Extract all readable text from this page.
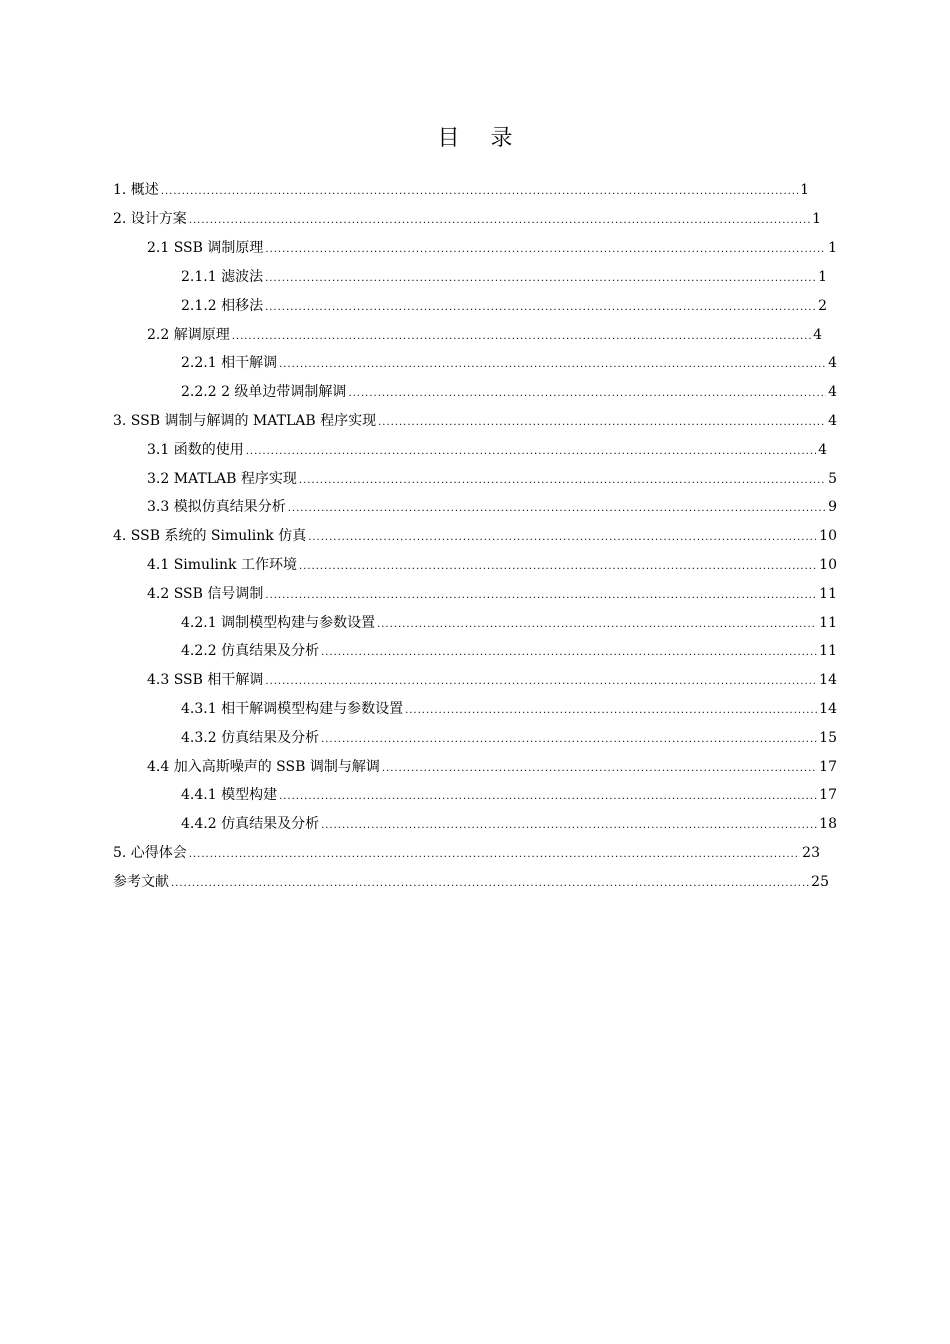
目 录
1. 概述 .....	1
2. 设计方案 .....	1
2.1 SSB 调制原理 .....	1
2.1.1 滤波法 .....	1
2.1.2 相移法 .....	2
2.2 解调原理 .....	4
2.2.1 相干解调 .....	4
2.2.2 2 级单边带调制解调 .....	4
3. SSB 调制与解调的 MATLAB 程序实现 .....	4
3.1 函数的使用 .....	4
3.2 MATLAB 程序实现 .....	5
3.3 模拟仿真结果分析 .....	9
4. SSB 系统的 Simulink 仿真 .....	10
4.1 Simulink 工作环境 .....	10
4.2 SSB 信号调制 .....	11
4.2.1 调制模型构建与参数设置 .....	11
4.2.2 仿真结果及分析 .....	11
4.3 SSB 相干解调 .....	14
4.3.1 相干解调模型构建与参数设置 .....	14
4.3.2 仿真结果及分析 .....	15
4.4 加入高斯噪声的 SSB 调制与解调 .....	17
4.4.1 模型构建 .....	17
4.4.2 仿真结果及分析 .....	18
5. 心得体会 .....	23
参考文献 .....	25
